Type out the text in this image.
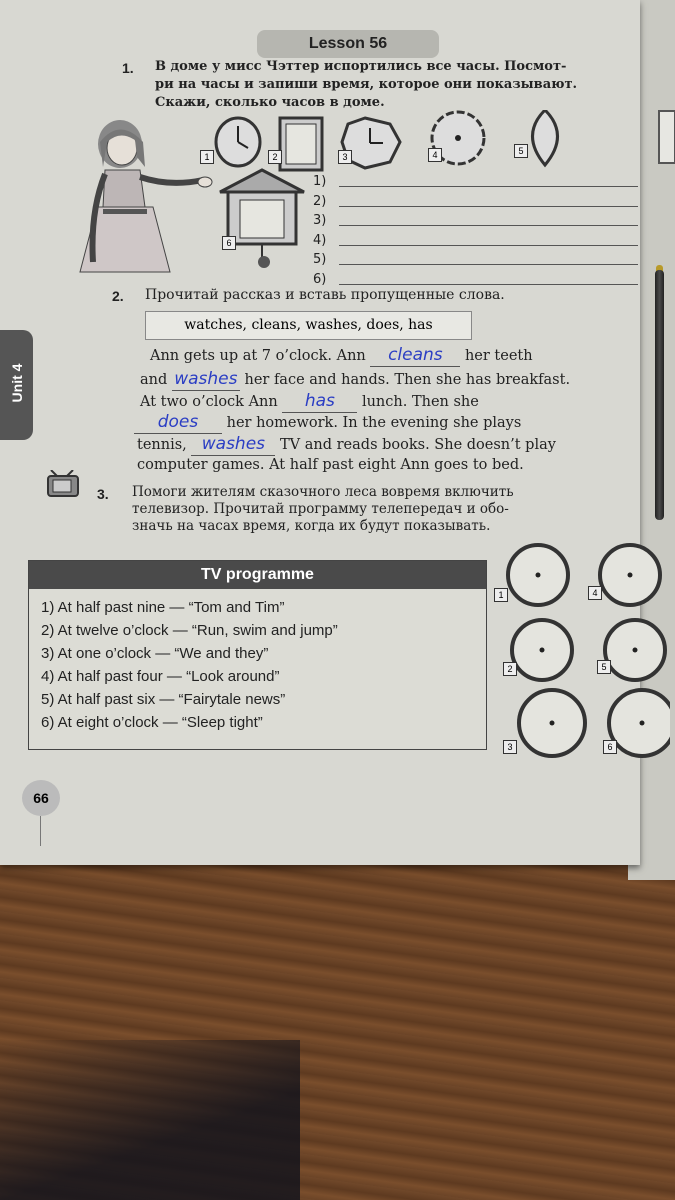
Lesson 56
1. В доме у мисс Чэттер испортились все часы. Посмот-
ри на часы и запиши время, которое они показывают.
Скажи, сколько часов в доме.
1	2	3	4	5
6
1)
2)
3)
4)
5)
6)
Unit 4
2. Прочитай рассказ и вставь пропущенные слова.
watches, cleans, washes, does, has
Ann gets up at 7 o’clock. Ann cleans her teeth
and washes her face and hands. Then she has breakfast.
At two o’clock Ann has lunch. Then she
does her homework. In the evening she plays
tennis, washes TV and reads books. She doesn’t play
computer games. At half past eight Ann goes to bed.
3. Помоги жителям сказочного леса вовремя включить
телевизор. Прочитай программу телепередач и обо-
значь на часах время, когда их будут показывать.
TV programme
1) At half past nine — “Tom and Tim”
2) At twelve o’clock — “Run, swim and jump”
3) At one o’clock — “We and they”
4) At half past four — “Look around”
5) At half past six — “Fairytale news”
6) At eight o’clock — “Sleep tight”
1	4
2	5
3	6
66
